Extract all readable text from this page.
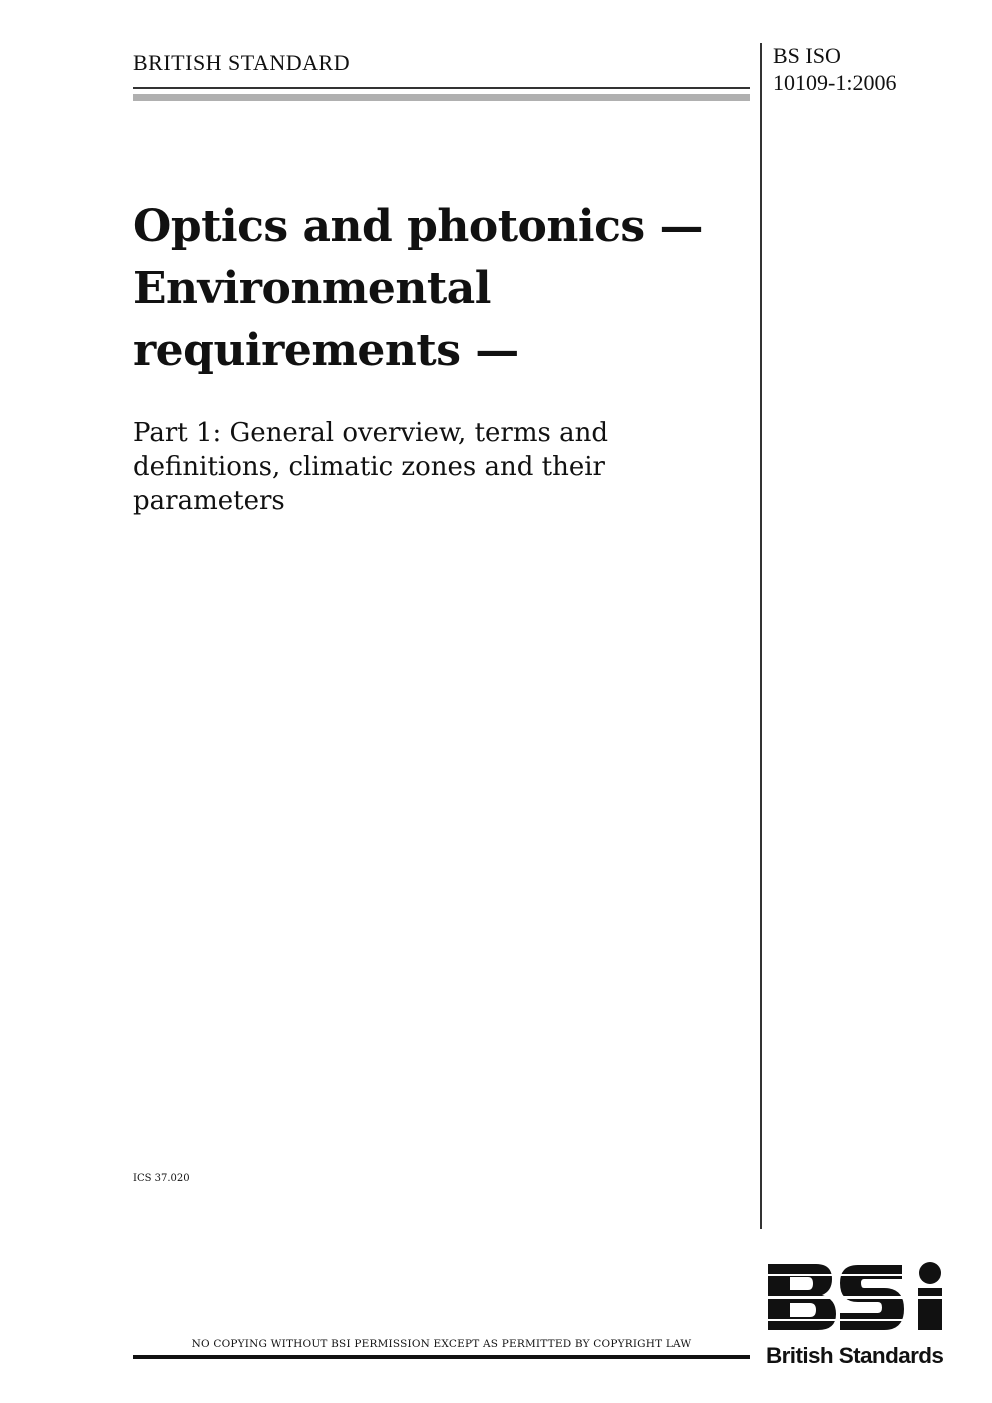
BRITISH STANDARD	BS ISO
10109-1:2006
Optics and photonics —
Environmental
requirements —
Part 1: General overview, terms and
definitions, climatic zones and their
parameters
ICS 37.020
NO COPYING WITHOUT BSI PERMISSION EXCEPT AS PERMITTED BY COPYRIGHT LAW	British Standards
